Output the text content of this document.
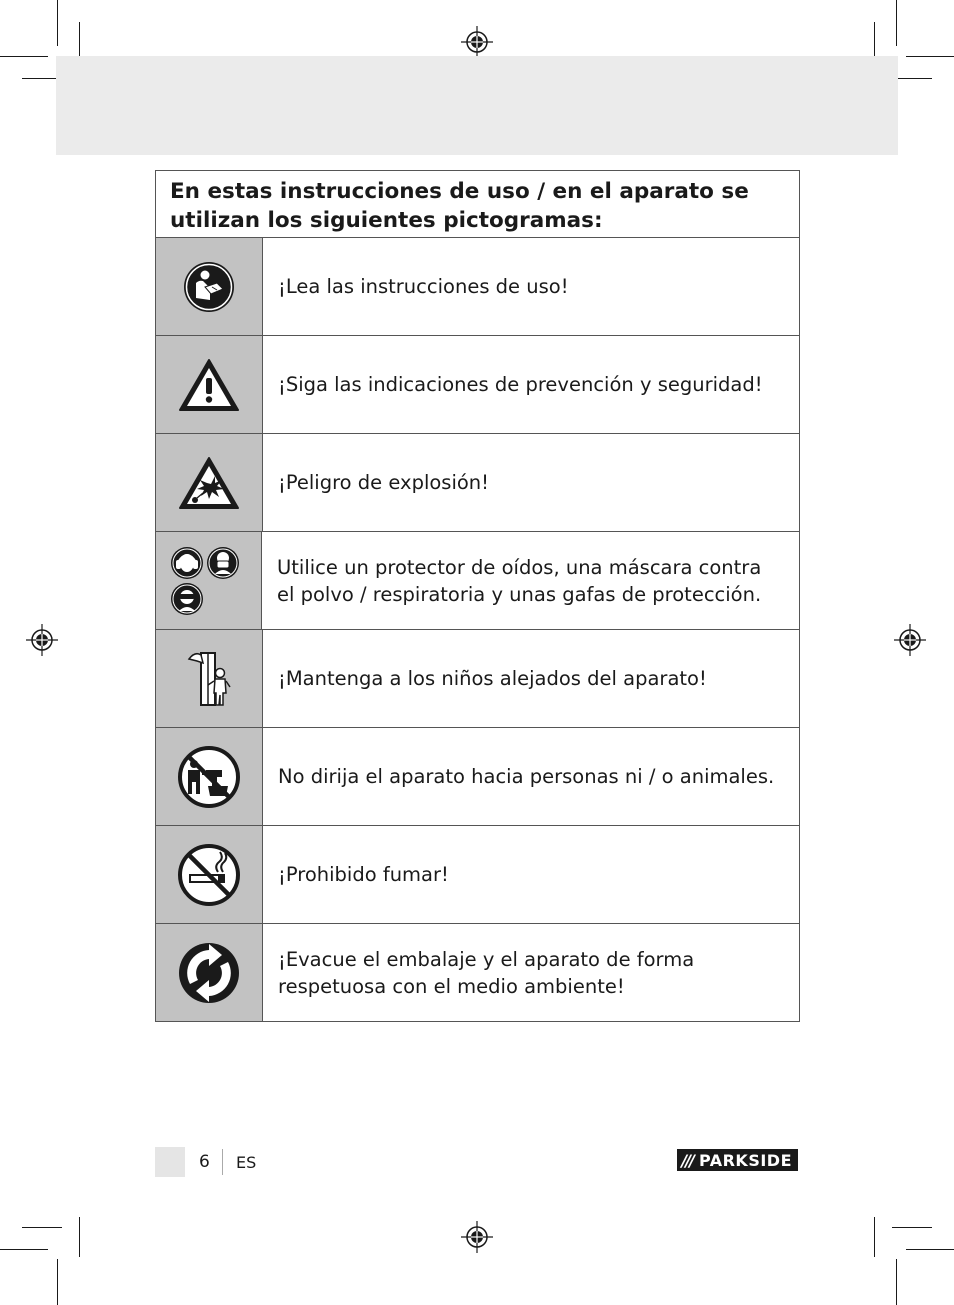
En estas instrucciones de uso / en el aparato se utilizan los siguientes pictogramas:
¡Lea las instrucciones de uso!
¡Siga las indicaciones de prevención y seguridad!
¡Peligro de explosión!
Utilice un protector de oídos, una máscara contra el polvo / respiratoria y unas gafas de protección.
¡Mantenga a los niños alejados del aparato!
No dirija el aparato hacia personas ni / o animales.
¡Prohibido fumar!
¡Evacue el embalaje y el aparato de forma respetuosa con el medio ambiente!
6 ES	/// PARKSIDE
